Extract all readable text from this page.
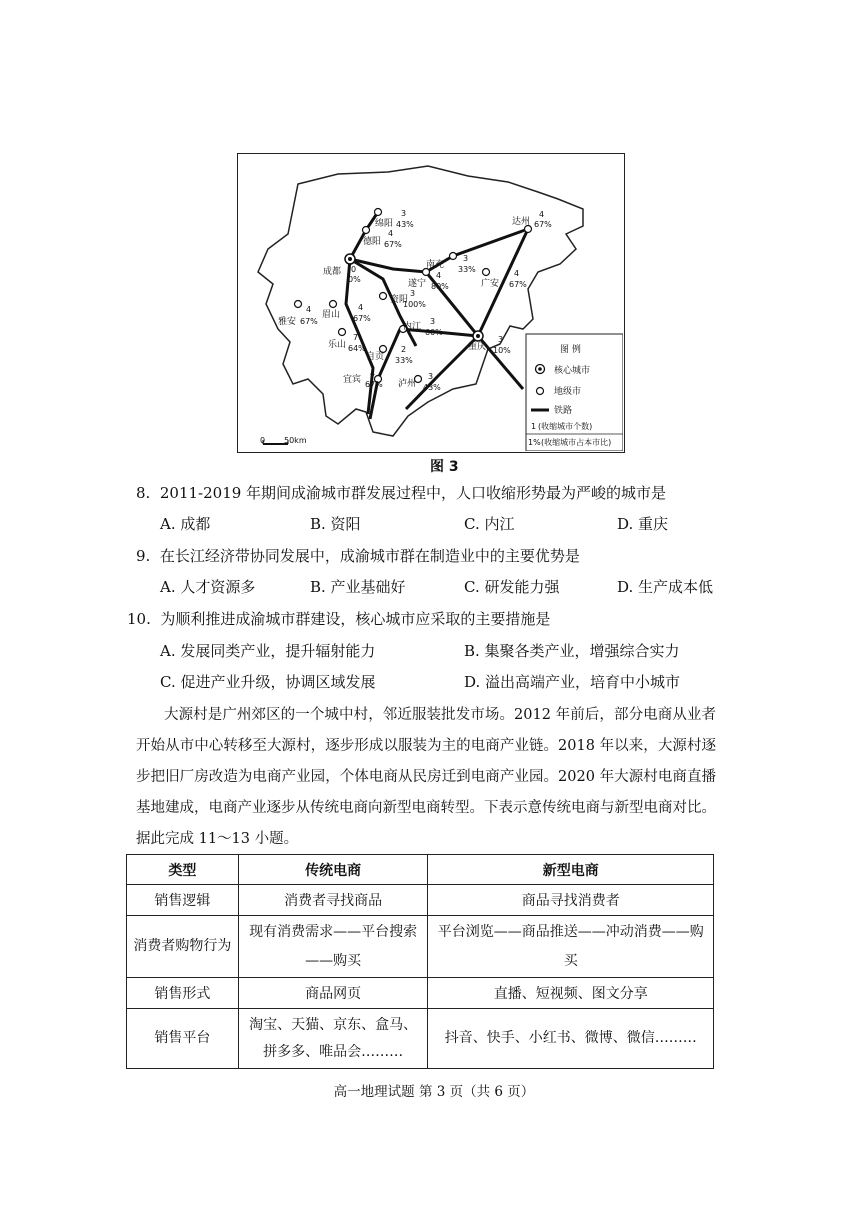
绵阳
3
43%
德阳
4
67%
达州
4
67%
成都 0
0%
南充
3
33%
遂宁
4
80%	广安
4
67%
资阳
3
100%
雅安
4
67%
眉山
4
67%
乐山
7
64%
内江
3
60%
重庆
3
10%
自贡
2
33%
宜宾
4
67% 泸州
3
43%
0 50km
图 例
核心城市
地级市
铁路
1 (收缩城市个数)
1% (收缩城市占本市比)
图 3
8. 2011-2019 年期间成渝城市群发展过程中，人口收缩形势最为严峻的城市是
A. 成都	B. 资阳	C. 内江	D. 重庆
9. 在长江经济带协同发展中，成渝城市群在制造业中的主要优势是
A. 人才资源多	B. 产业基础好	C. 研发能力强	D. 生产成本低
10. 为顺利推进成渝城市群建设，核心城市应采取的主要措施是
A. 发展同类产业，提升辐射能力	B. 集聚各类产业，增强综合实力
C. 促进产业升级，协调区域发展	D. 溢出高端产业，培育中小城市
大源村是广州郊区的一个城中村，邻近服装批发市场。2012 年前后，部分电商从业者开始从市中心转移至大源村，逐步形成以服装为主的电商产业链。2018 年以来，大源村逐步把旧厂房改造为电商产业园，个体电商从民房迁到电商产业园。2020 年大源村电商直播基地建成，电商产业逐步从传统电商向新型电商转型。下表示意传统电商与新型电商对比。据此完成 11～13 小题。
类型	传统电商	新型电商
销售逻辑	消费者寻找商品	商品寻找消费者
消费者购物行为	现有消费需求——平台搜索——购买	平台浏览——商品推送——冲动消费——购买
销售形式	商品网页	直播、短视频、图文分享
销售平台	淘宝、天猫、京东、盒马、拼多多、唯品会………	抖音、快手、小红书、微博、微信………
高一地理试题 第 3 页（共 6 页）
